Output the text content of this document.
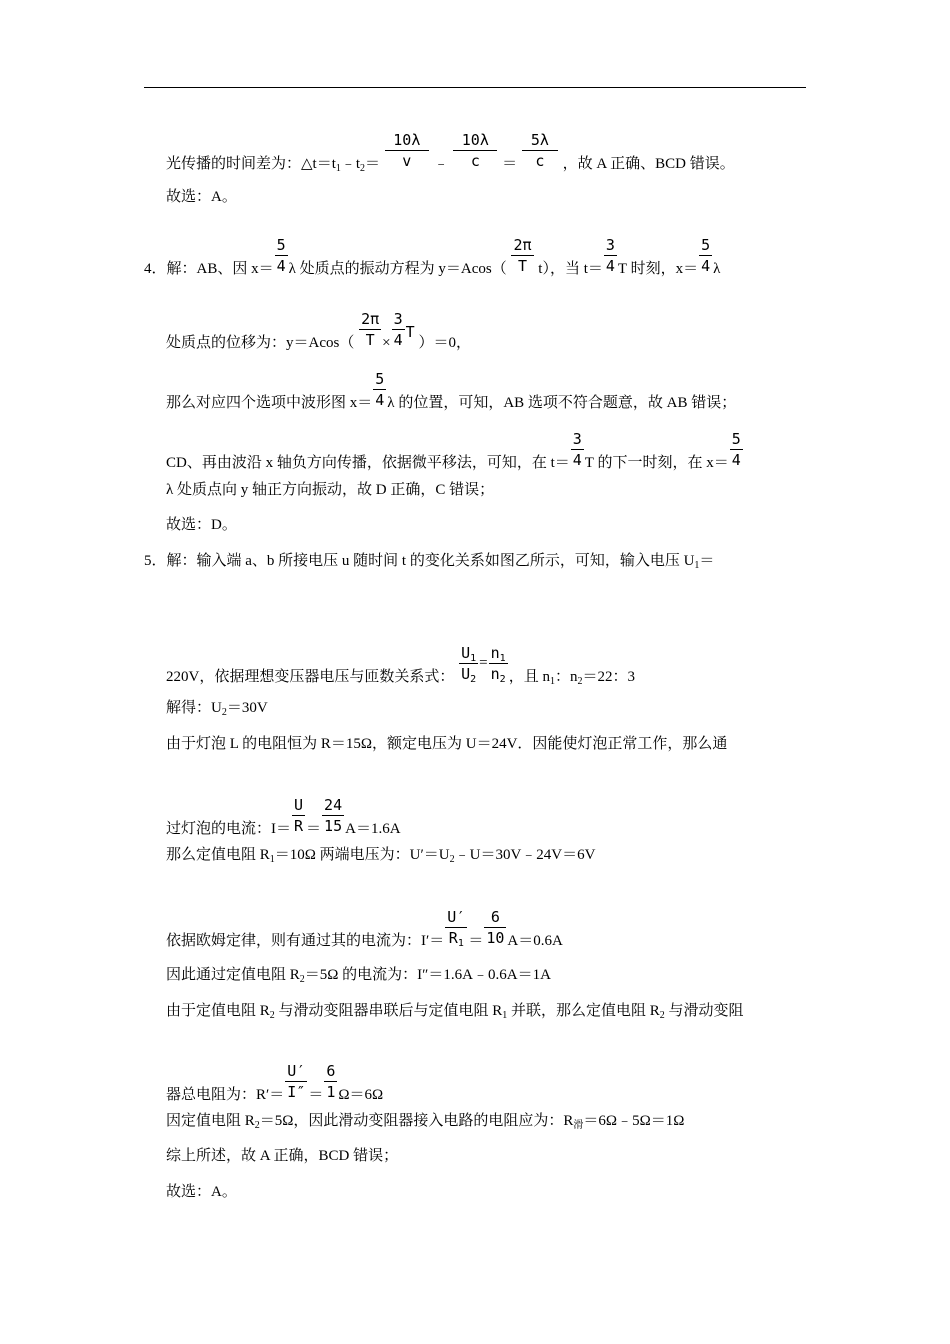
光传播的时间差为：$\triangle t=t_1﹣t_2= \frac{10\lambda}{v}$ ﹣ $\frac{10\lambda}{c} = \frac{5\lambda}{c}$ ，故 A 正确、BCD 错误。
故选：A。
4．解：AB、因 $x= \frac{5}{4}$ λ 处质点的振动方程为 $y=Acos( \frac{2\pi}{T} t)$，当 $t= \frac{3}{4}$ T 时刻，$x= \frac{5}{4}$ λ
处质点的位移为：$y=Acos( \frac{2\pi}{T} \times \frac{3}{4}$ T ）＝0，
那么对应四个选项中波形图 $x= \frac{5}{4}$ λ 的位置，可知，AB 选项不符合题意，故 AB 错误；
CD、再由波沿 x 轴负方向传播，依据微平移法，可知，在 $t= \frac{3}{4}$ T 的下一时刻，在 $x= \frac{5}{4}$
λ 处质点向 y 轴正方向振动，故 D 正确，C 错误；
故选：D。
5．解：输入端 a、b 所接电压 u 随时间 t 的变化关系如图乙所示，可知，输入电压 $U_1=$
220V，依据理想变压器电压与匝数关系式： $\frac{U_1}{U_2} = \frac{n_1}{n_2}$ ，且 $n_1$：$n_2=22$：3
解得：$U_2=30V$
由于灯泡 L 的电阻恒为 R＝15Ω，额定电压为 U＝24V．因能使灯泡正常工作，那么通
过灯泡的电流：$I= \frac{U}{R} = \frac{24}{15} A=1.6A$
那么定值电阻 $R_1=10\Omega$ 两端电压为：$U'=U_2﹣U=30V﹣24V=6V$
依据欧姆定律，则有通过其的电流为：$I'= \frac{U'}{R_1} = \frac{6}{10} A=0.6A$
因此通过定值电阻 $R_2=5\Omega$ 的电流为：I″＝1.6A﹣0.6A＝1A
由于定值电阻 $R_2$ 与滑动变阻器串联后与定值电阻 $R_1$ 并联，那么定值电阻 $R_2$ 与滑动变阻
器总电阻为：$R'= \frac{U'}{I''} = \frac{6}{1} \Omega=6\Omega$
因定值电阻 $R_2=5\Omega$，因此滑动变阻器接入电路的电阻应为：$R_滑=6\Omega﹣5\Omega=1\Omega$
综上所述，故 A 正确，BCD 错误；
故选：A。
